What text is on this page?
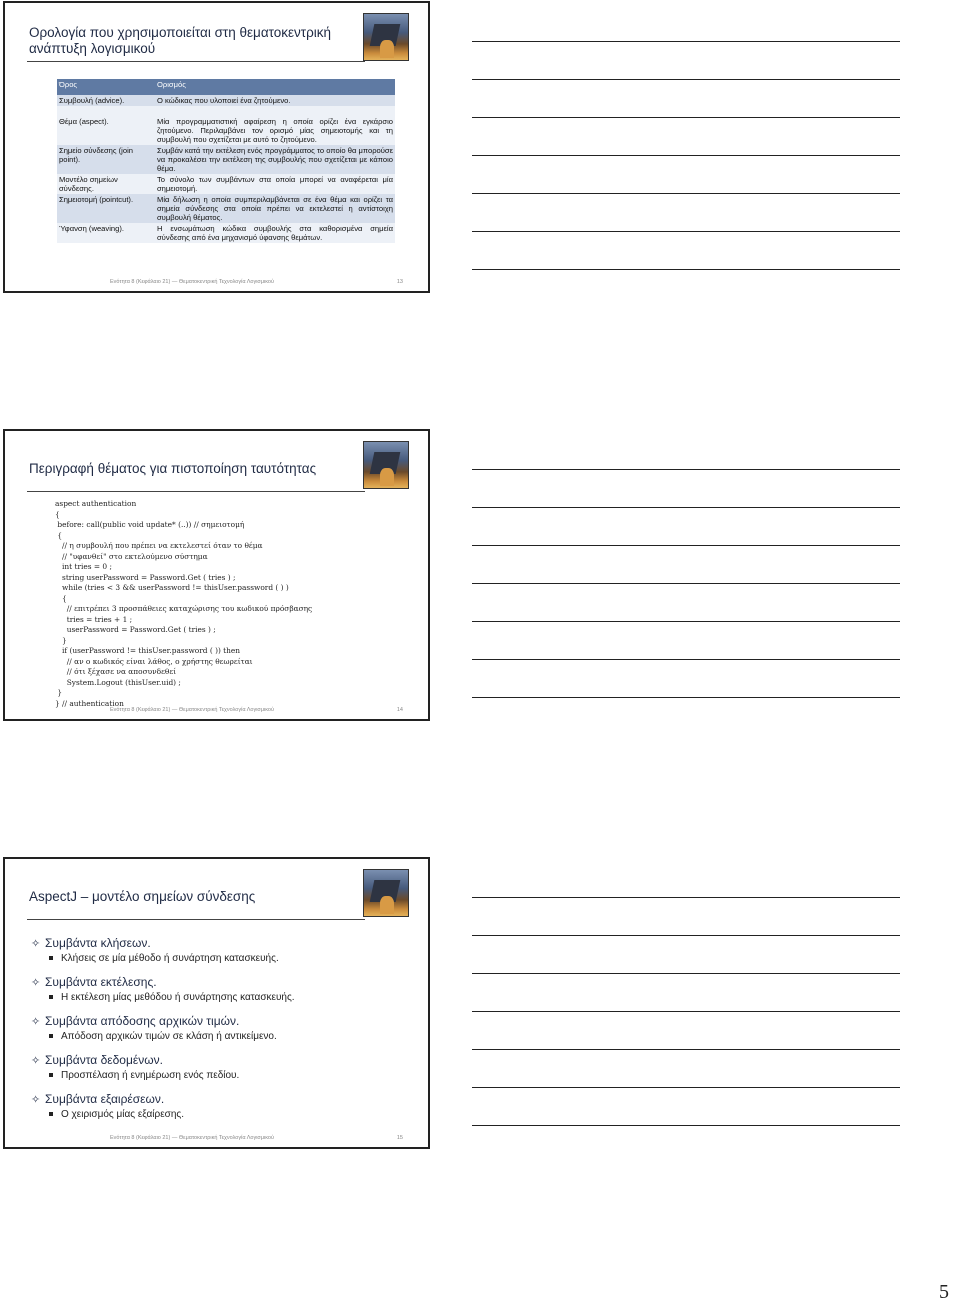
Ορολογία που χρησιμοποιείται στη θεματοκεντρική ανάπτυξη λογισμικού
Όρος	Ορισμός
Συμβουλή (advice).	Ο κώδικας που υλοποιεί ένα ζητούμενο.

Θέμα (aspect).	Μία προγραμματιστική αφαίρεση η οποία ορίζει ένα εγκάρσιο ζητούμενο. Περιλαμβάνει τον ορισμό μίας σημειοτομής και τη συμβουλή που σχετίζεται με αυτό το ζητούμενο.
Σημείο σύνδεσης (join point).	Συμβάν κατά την εκτέλεση ενός προγράμματος το οποίο θα μπορούσε να προκαλέσει την εκτέλεση της συμβουλής που σχετίζεται με κάποιο θέμα.
Μοντέλο σημείων σύνδεσης.	Το σύνολο των συμβάντων στα οποία μπορεί να αναφέρεται μία σημειοτομή.
Σημειοτομή (pointcut).	Μία δήλωση η οποία συμπεριλαμβάνεται σε ένα θέμα και ορίζει τα σημεία σύνδεσης στα οποία πρέπει να εκτελεστεί η αντίστοιχη συμβουλή θέματος.
Ύφανση (weaving).	Η ενσωμάτωση κώδικα συμβουλής στα καθορισμένα σημεία σύνδεσης από ένα μηχανισμό ύφανσης θεμάτων.
Ενότητα 8 (Κεφάλαιο 21) — Θεματοκεντρική Τεχνολογία Λογισμικού	13
Περιγραφή θέματος για πιστοποίηση ταυτότητας
aspect authentication
{
before: call(public void update* (..)) // σημειοτομή
{
// η συμβουλή που πρέπει να εκτελεστεί όταν το θέμα
// "υφανθεί" στο εκτελούμενο σύστημα
int tries = 0 ;
string userPassword = Password.Get ( tries ) ;
while (tries < 3 && userPassword != thisUser.password ( ) )
{
// επιτρέπει 3 προσπάθειες καταχώρισης του κωδικού πρόσβασης
tries = tries + 1 ;
userPassword = Password.Get ( tries ) ;
}
if (userPassword != thisUser.password ( )) then
// αν ο κωδικός είναι λάθος, ο χρήστης θεωρείται
// ότι ξέχασε να αποσυνδεθεί
System.Logout (thisUser.uid) ;
}
} // authentication
Ενότητα 8 (Κεφάλαιο 21) — Θεματοκεντρική Τεχνολογία Λογισμικού	14
AspectJ – μοντέλο σημείων σύνδεσης
✧ Συμβάντα κλήσεων.
Κλήσεις σε μία μέθοδο ή συνάρτηση κατασκευής.
✧ Συμβάντα εκτέλεσης.
Η εκτέλεση μίας μεθόδου ή συνάρτησης κατασκευής.
✧ Συμβάντα απόδοσης αρχικών τιμών.
Απόδοση αρχικών τιμών σε κλάση ή αντικείμενο.
✧ Συμβάντα δεδομένων.
Προσπέλαση ή ενημέρωση ενός πεδίου.
✧ Συμβάντα εξαιρέσεων.
Ο χειρισμός μίας εξαίρεσης.
Ενότητα 8 (Κεφάλαιο 21) — Θεματοκεντρική Τεχνολογία Λογισμικού	15
5
